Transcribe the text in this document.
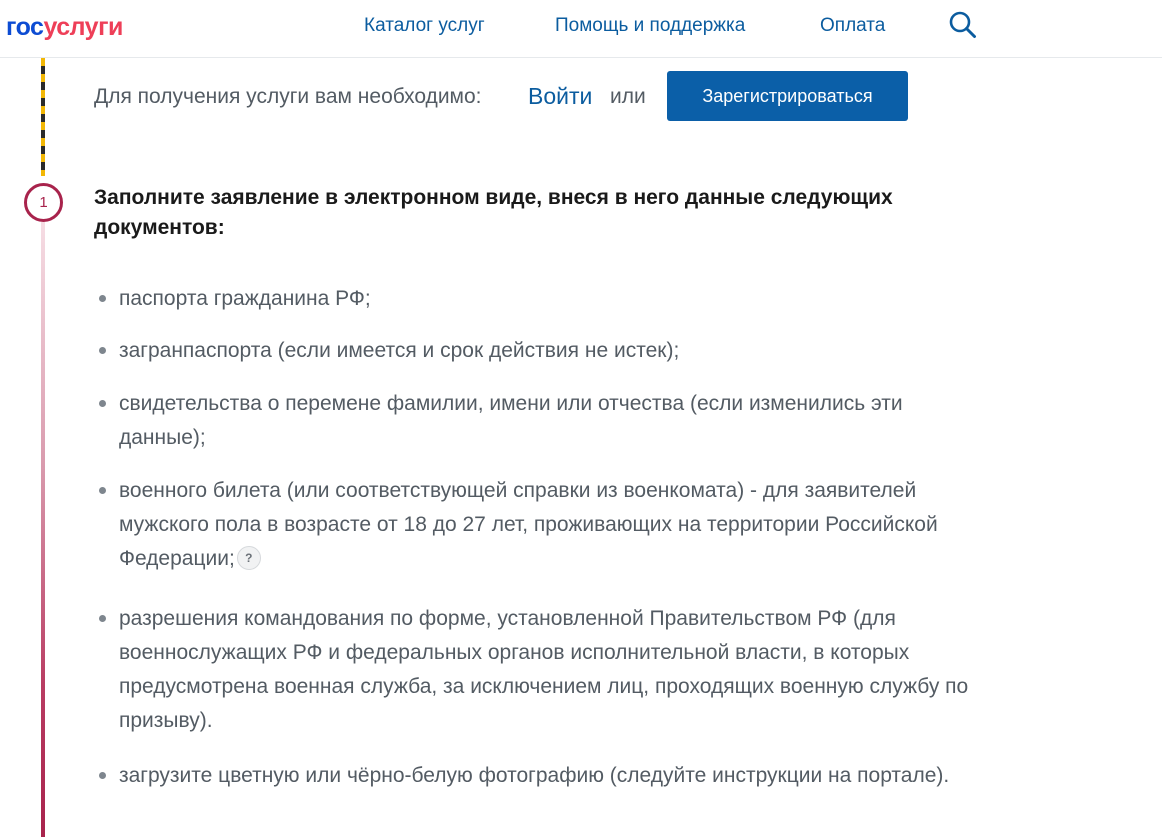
госуслуги	Каталог услуг	Помощь и поддержка	Оплата
Для получения услуги вам необходимо: Войти или	Зарегистрироваться
1	Заполните заявление в электронном виде, внеся в него данные следующих документов:
паспорта гражданина РФ;
загранпаспорта (если имеется и срок действия не истек);
свидетельства о перемене фамилии, имени или отчества (если изменились эти данные);
военного билета (или соответствующей справки из военкомата) - для заявителей мужского пола в возрасте от 18 до 27 лет, проживающих на территории Российской Федерации; ?
разрешения командования по форме, установленной Правительством РФ (для военнослужащих РФ и федеральных органов исполнительной власти, в которых предусмотрена военная служба, за исключением лиц, проходящих военную службу по призыву).
загрузите цветную или чёрно-белую фотографию (следуйте инструкции на портале).
